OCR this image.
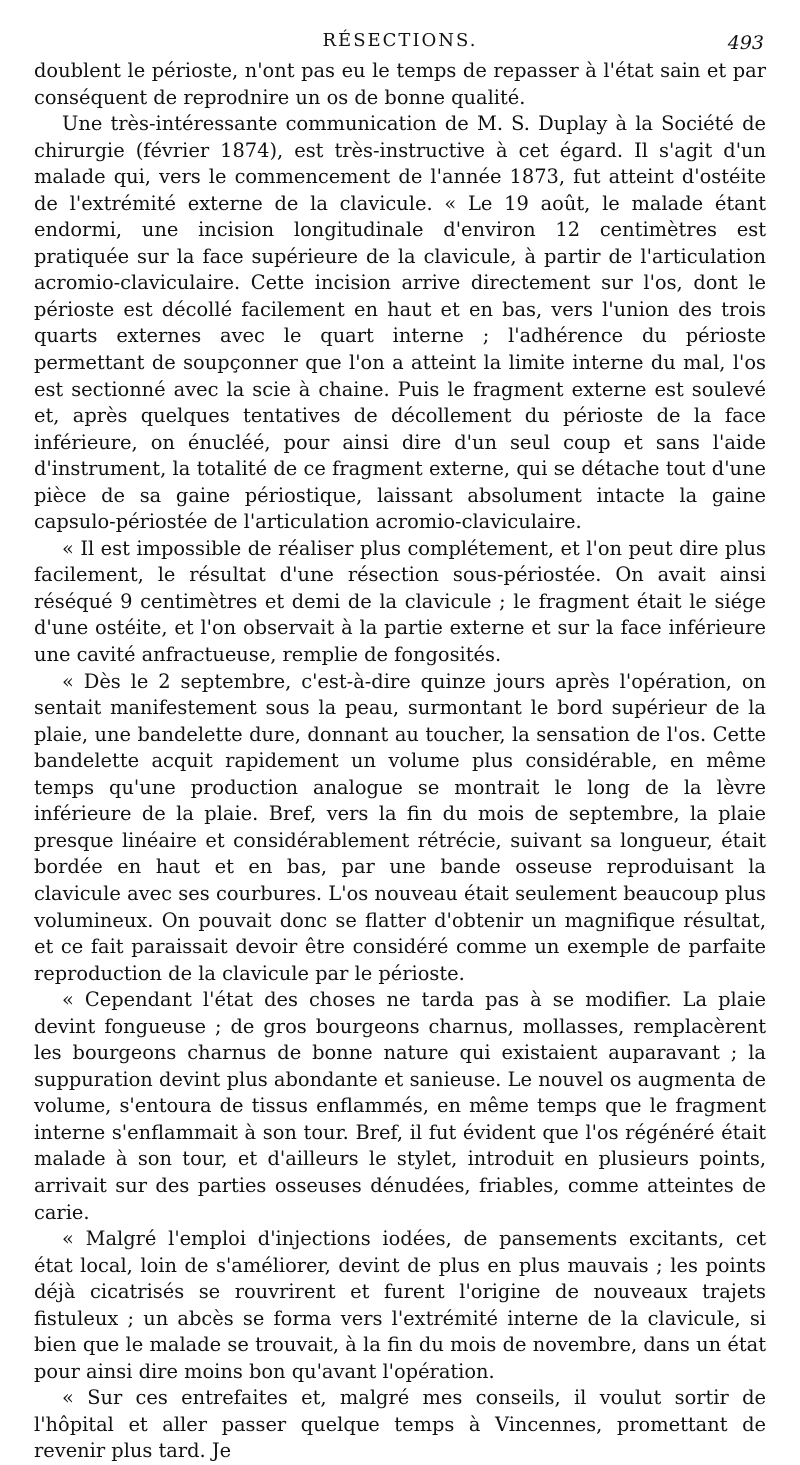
RÉSECTIONS.	493

doublent le périoste, n'ont pas eu le temps de repasser à l'état sain et par conséquent de reprodnire un os de bonne qualité.

Une très-intéressante communication de M. S. Duplay à la Société de chirurgie (février 1874), est très-instructive à cet égard. Il s'agit d'un malade qui, vers le commencement de l'année 1873, fut atteint d'ostéite de l'extrémité externe de la clavicule. « Le 19 août, le malade étant endormi, une incision longitudinale d'environ 12 centimètres est pratiquée sur la face supérieure de la clavicule, à partir de l'articulation acromio-claviculaire. Cette incision arrive directement sur l'os, dont le périoste est décollé facilement en haut et en bas, vers l'union des trois quarts externes avec le quart interne ; l'adhérence du périoste permettant de soupçonner que l'on a atteint la limite interne du mal, l'os est sectionné avec la scie à chaine. Puis le fragment externe est soulevé et, après quelques tentatives de décollement du périoste de la face inférieure, on énucléé, pour ainsi dire d'un seul coup et sans l'aide d'instrument, la totalité de ce fragment externe, qui se détache tout d'une pièce de sa gaine périostique, laissant absolument intacte la gaine capsulo-périostée de l'articulation acromio-claviculaire.

« Il est impossible de réaliser plus complétement, et l'on peut dire plus facilement, le résultat d'une résection sous-périostée. On avait ainsi réséqué 9 centimètres et demi de la clavicule ; le fragment était le siége d'une ostéite, et l'on observait à la partie externe et sur la face inférieure une cavité anfractueuse, remplie de fongosités.

« Dès le 2 septembre, c'est-à-dire quinze jours après l'opération, on sentait manifestement sous la peau, surmontant le bord supérieur de la plaie, une bandelette dure, donnant au toucher, la sensation de l'os. Cette bandelette acquit rapidement un volume plus considérable, en même temps qu'une production analogue se montrait le long de la lèvre inférieure de la plaie. Bref, vers la fin du mois de septembre, la plaie presque linéaire et considérablement rétrécie, suivant sa longueur, était bordée en haut et en bas, par une bande osseuse reproduisant la clavicule avec ses courbures. L'os nouveau était seulement beaucoup plus volumineux. On pouvait donc se flatter d'obtenir un magnifique résultat, et ce fait paraissait devoir être considéré comme un exemple de parfaite reproduction de la clavicule par le périoste.

« Cependant l'état des choses ne tarda pas à se modifier. La plaie devint fongueuse ; de gros bourgeons charnus, mollasses, remplacèrent les bourgeons charnus de bonne nature qui existaient auparavant ; la suppuration devint plus abondante et sanieuse. Le nouvel os augmenta de volume, s'entoura de tissus enflammés, en même temps que le fragment interne s'enflammait à son tour. Bref, il fut évident que l'os régénéré était malade à son tour, et d'ailleurs le stylet, introduit en plusieurs points, arrivait sur des parties osseuses dénudées, friables, comme atteintes de carie.

« Malgré l'emploi d'injections iodées, de pansements excitants, cet état local, loin de s'améliorer, devint de plus en plus mauvais ; les points déjà cicatrisés se rouvrirent et furent l'origine de nouveaux trajets fistuleux ; un abcès se forma vers l'extrémité interne de la clavicule, si bien que le malade se trouvait, à la fin du mois de novembre, dans un état pour ainsi dire moins bon qu'avant l'opération.

« Sur ces entrefaites et, malgré mes conseils, il voulut sortir de l'hôpital et aller passer quelque temps à Vincennes, promettant de revenir plus tard. Je
